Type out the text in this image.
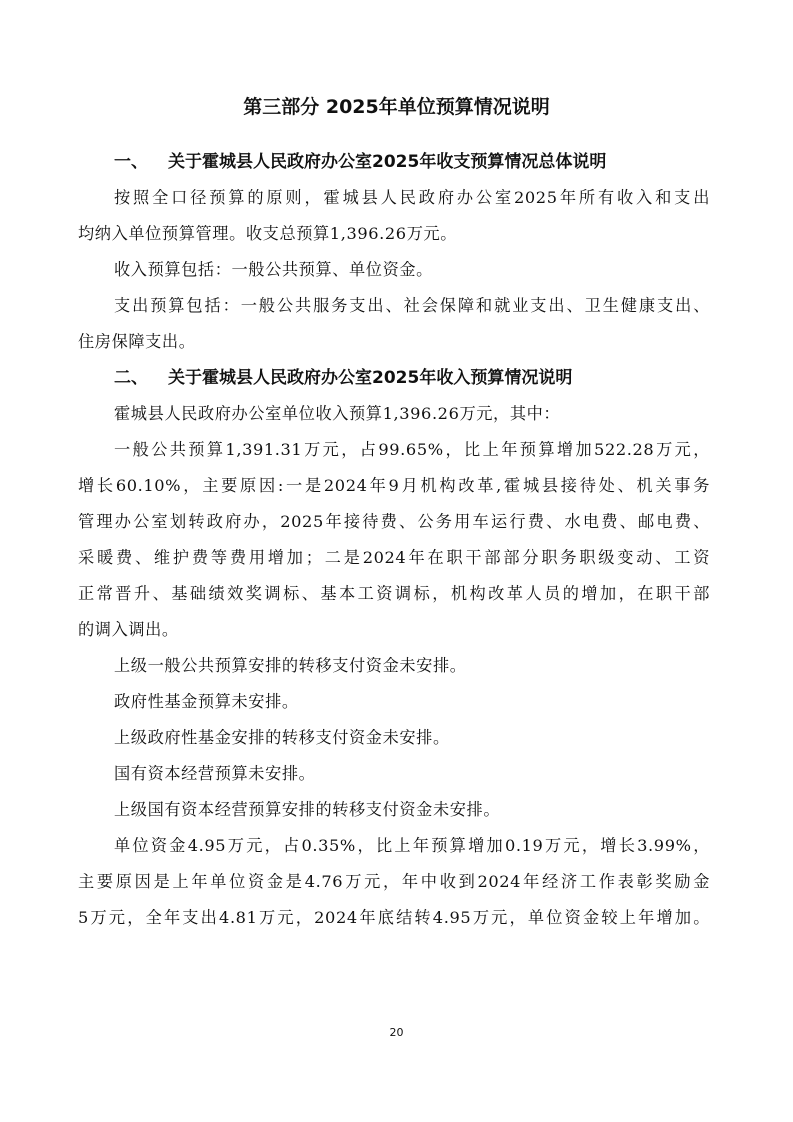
第三部分 2025年单位预算情况说明
一、 关于霍城县人民政府办公室2025年收支预算情况总体说明

按照全口径预算的原则，霍城县人民政府办公室2025年所有收入和支出

均纳入单位预算管理。收支总预算1,396.26万元。

收入预算包括：一般公共预算、单位资金。

支出预算包括：一般公共服务支出、社会保障和就业支出、卫生健康支出、

住房保障支出。

二、 关于霍城县人民政府办公室2025年收入预算情况说明

霍城县人民政府办公室单位收入预算1,396.26万元，其中：

一般公共预算1,391.31万元，占99.65%，比上年预算增加522.28万元，

增长60.10%，主要原因:一是2024年9月机构改革,霍城县接待处、机关事务

管理办公室划转政府办，2025年接待费、公务用车运行费、水电费、邮电费、

采暖费、维护费等费用增加；二是2024年在职干部部分职务职级变动、工资

正常晋升、基础绩效奖调标、基本工资调标，机构改革人员的增加，在职干部

的调入调出。

上级一般公共预算安排的转移支付资金未安排。

政府性基金预算未安排。

上级政府性基金安排的转移支付资金未安排。

国有资本经营预算未安排。

上级国有资本经营预算安排的转移支付资金未安排。

单位资金4.95万元，占0.35%，比上年预算增加0.19万元，增长3.99%，

主要原因是上年单位资金是4.76万元，年中收到2024年经济工作表彰奖励金

5万元，全年支出4.81万元，2024年底结转4.95万元，单位资金较上年增加。

20
